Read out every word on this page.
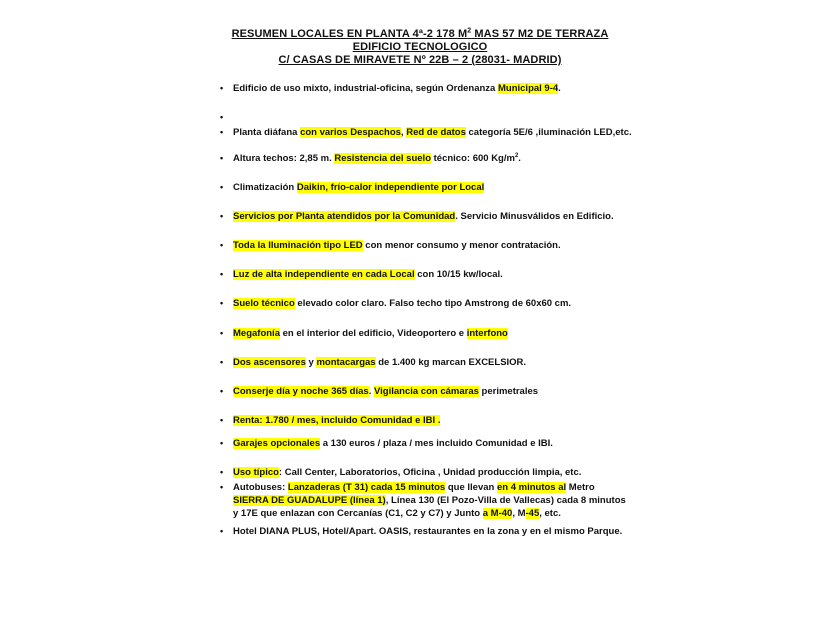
RESUMEN LOCALES EN PLANTA 4ª-2 178 $M^2$ MAS 57 M2 DE TERRAZA
EDIFICIO TECNOLOGICO
C/ CASAS DE MIRAVETE Nº 22B – 2 (28031- MADRID)
• Edificio de uso mixto, industrial-oficina, según Ordenanza Municipal 9-4.
•
• Planta diáfana con varios Despachos, Red de datos categoría 5E/6 ,iluminación LED,etc.
• Altura techos: 2,85 m. Resistencia del suelo técnico: 600 $Kg/m^2$.
• Climatización Daikin, frío-calor independiente por Local
• Servicios por Planta atendidos por la Comunidad. Servicio Minusválidos en Edificio.
• Toda la Iluminación tipo LED con menor consumo y menor contratación.
• Luz de alta independiente en cada Local con 10/15 kw/local.
• Suelo técnico elevado color claro. Falso techo tipo Amstrong de 60x60 cm.
• Megafonía en el interior del edificio, Videoportero e interfono
• Dos ascensores y montacargas de 1.400 kg marcan EXCELSIOR.
• Conserje día y noche 365 días. Vigilancia con cámaras perimetrales
• Renta: 1.780 / mes, incluido Comunidad e IBI .
• Garajes opcionales a 130 euros / plaza / mes incluido Comunidad e IBI.
• Uso típico: Call Center, Laboratorios, Oficina , Unidad producción limpia, etc.
• Autobuses: Lanzaderas (T 31) cada 15 minutos que llevan en 4 minutos al Metro
SIERRA DE GUADALUPE (línea 1), Línea 130 (El Pozo-Villa de Vallecas) cada 8 minutos
y 17E que enlazan con Cercanías (C1, C2 y C7) y Junto a M-40, M-45, etc.
• Hotel DIANA PLUS, Hotel/Apart. OASIS, restaurantes en la zona y en el mismo Parque.
